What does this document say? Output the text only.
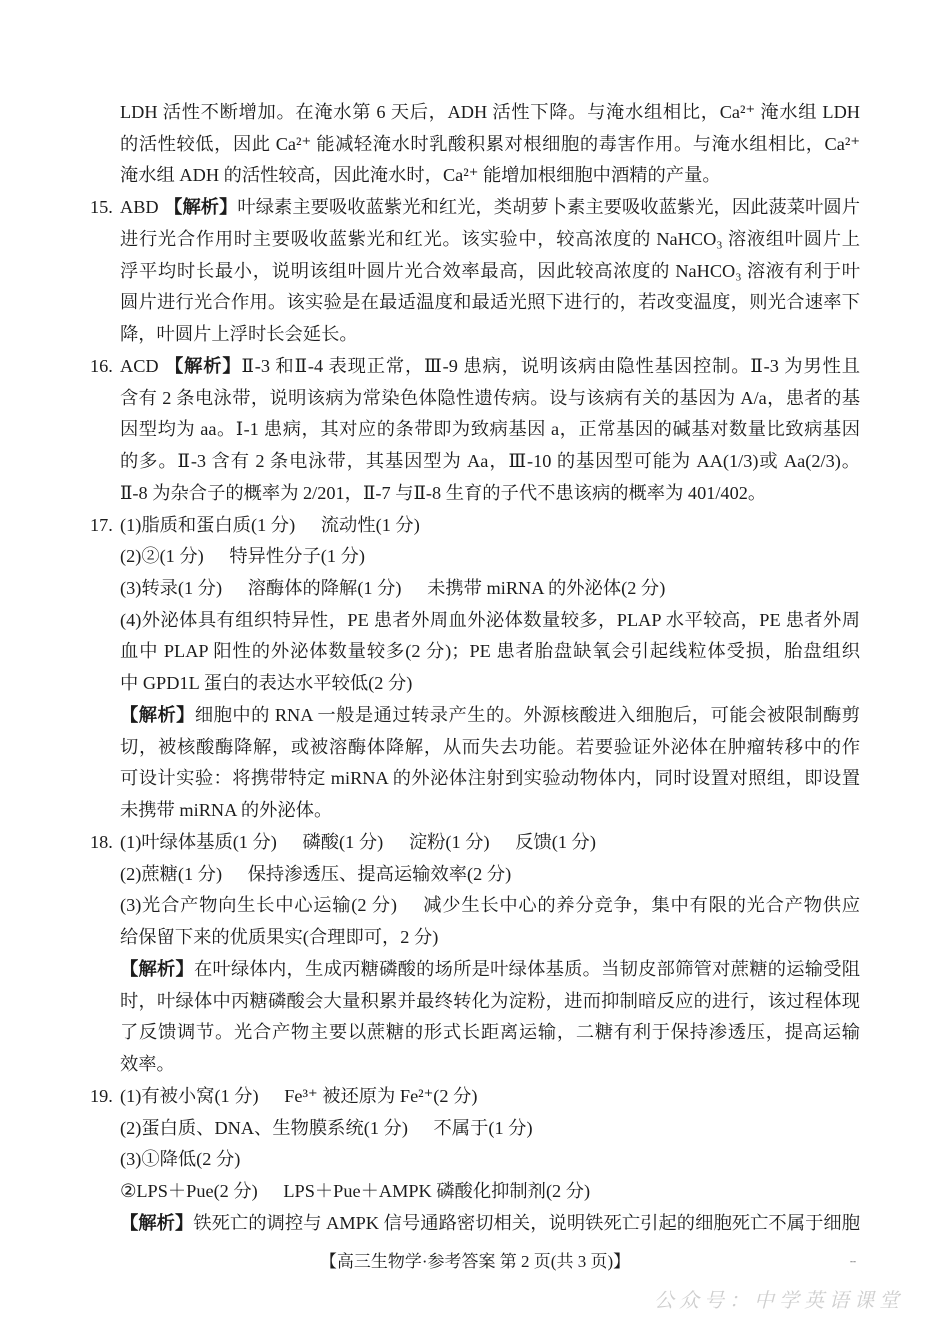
LDH 活性不断增加。在淹水第 6 天后，ADH 活性下降。与淹水组相比，Ca²⁺ 淹水组 LDH
的活性较低，因此 Ca²⁺ 能减轻淹水时乳酸积累对根细胞的毒害作用。与淹水组相比，Ca²⁺
淹水组 ADH 的活性较高，因此淹水时，Ca²⁺ 能增加根细胞中酒精的产量。
15. ABD 【解析】叶绿素主要吸收蓝紫光和红光，类胡萝卜素主要吸收蓝紫光，因此菠菜叶圆片
进行光合作用时主要吸收蓝紫光和红光。该实验中，较高浓度的 NaHCO₃ 溶液组叶圆片上
浮平均时长最小，说明该组叶圆片光合效率最高，因此较高浓度的 NaHCO₃ 溶液有利于叶
圆片进行光合作用。该实验是在最适温度和最适光照下进行的，若改变温度，则光合速率下
降，叶圆片上浮时长会延长。
16. ACD 【解析】Ⅱ-3 和Ⅱ-4 表现正常，Ⅲ-9 患病，说明该病由隐性基因控制。Ⅱ-3 为男性且
含有 2 条电泳带，说明该病为常染色体隐性遗传病。设与该病有关的基因为 A/a，患者的基
因型均为 aa。Ⅰ-1 患病，其对应的条带即为致病基因 a，正常基因的碱基对数量比致病基因
的多。Ⅱ-3 含有 2 条电泳带，其基因型为 Aa，Ⅲ-10 的基因型可能为 AA(1/3)或 Aa(2/3)。
Ⅱ-8 为杂合子的概率为 2/201，Ⅱ-7 与Ⅱ-8 生育的子代不患该病的概率为 401/402。
17. (1)脂质和蛋白质(1 分) 流动性(1 分)
(2)②(1 分) 特异性分子(1 分)
(3)转录(1 分) 溶酶体的降解(1 分) 未携带 miRNA 的外泌体(2 分)
(4)外泌体具有组织特异性，PE 患者外周血外泌体数量较多，PLAP 水平较高，PE 患者外周
血中 PLAP 阳性的外泌体数量较多(2 分)；PE 患者胎盘缺氧会引起线粒体受损，胎盘组织
中 GPD1L 蛋白的表达水平较低(2 分)
【解析】细胞中的 RNA 一般是通过转录产生的。外源核酸进入细胞后，可能会被限制酶剪
切，被核酸酶降解，或被溶酶体降解，从而失去功能。若要验证外泌体在肿瘤转移中的作
可设计实验：将携带特定 miRNA 的外泌体注射到实验动物体内，同时设置对照组，即设置
未携带 miRNA 的外泌体。
18. (1)叶绿体基质(1 分) 磷酸(1 分) 淀粉(1 分) 反馈(1 分)
(2)蔗糖(1 分) 保持渗透压、提高运输效率(2 分)
(3)光合产物向生长中心运输(2 分) 减少生长中心的养分竞争，集中有限的光合产物供应
给保留下来的优质果实(合理即可，2 分)
【解析】在叶绿体内，生成丙糖磷酸的场所是叶绿体基质。当韧皮部筛管对蔗糖的运输受阻
时，叶绿体中丙糖磷酸会大量积累并最终转化为淀粉，进而抑制暗反应的进行，该过程体现
了反馈调节。光合产物主要以蔗糖的形式长距离运输，二糖有利于保持渗透压，提高运输
效率。
19. (1)有被小窝(1 分) Fe³⁺ 被还原为 Fe²⁺(2 分)
(2)蛋白质、DNA、生物膜系统(1 分) 不属于(1 分)
(3)①降低(2 分)
②LPS＋Pue(2 分) LPS＋Pue＋AMPK 磷酸化抑制剂(2 分)
【解析】铁死亡的调控与 AMPK 信号通路密切相关，说明铁死亡引起的细胞死亡不属于细胞
【高三生物学·参考答案 第 2 页(共 3 页)】	--
公众号：中学英语课堂
